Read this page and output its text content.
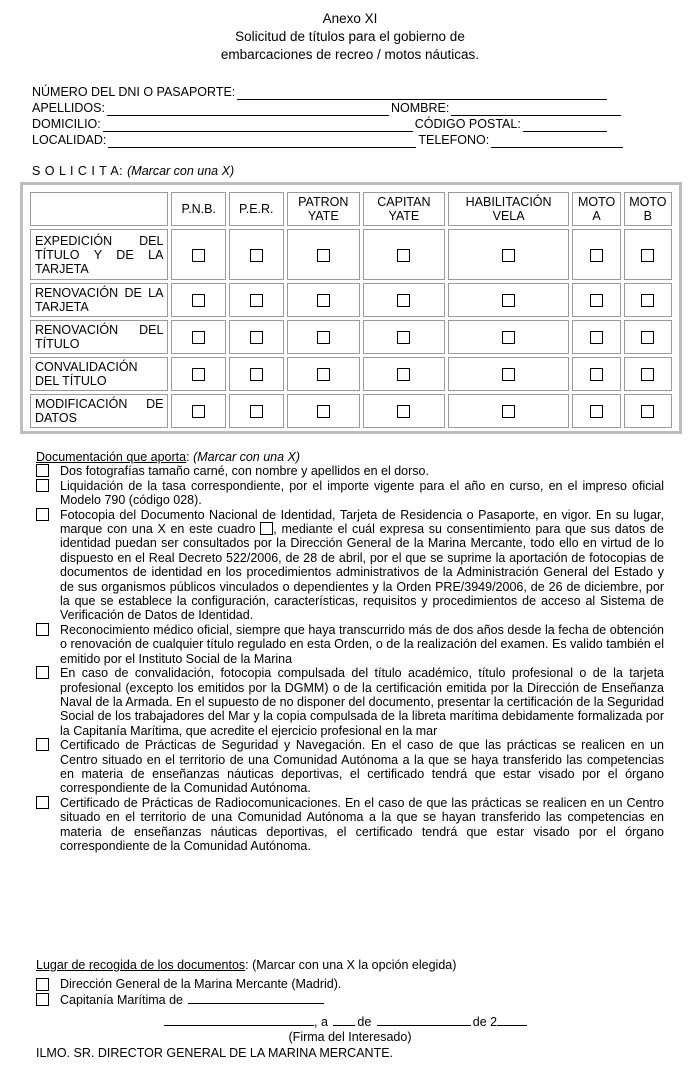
Anexo XI
Solicitud de títulos para el gobierno de
embarcaciones de recreo / motos náuticas.
NÚMERO DEL DNI O PASAPORTE:
APELLIDOS:	NOMBRE:
DOMICILIO:	CÓDIGO POSTAL:
LOCALIDAD:	TELEFONO:
S O L I C I T A: (Marcar con una X)
	P.N.B.	P.E.R.	PATRON YATE	CAPITAN YATE	HABILITACIÓN VELA	MOTO A	MOTO B
EXPEDICIÓN DEL TÍTULO Y DE LA TARJETA							
RENOVACIÓN DE LA TARJETA							
RENOVACIÓN DEL TÍTULO							
CONVALIDACIÓN DEL TÍTULO							
MODIFICACIÓN DE DATOS							
Documentación que aporta: (Marcar con una X)
Dos fotografías tamaño carné, con nombre y apellidos en el dorso.
Liquidación de la tasa correspondiente, por el importe vigente para el año en curso, en el impreso oficial Modelo 790 (código 028).
Fotocopia del Documento Nacional de Identidad, Tarjeta de Residencia o Pasaporte, en vigor. En su lugar, marque con una X en este cuadro , mediante el cuál expresa su consentimiento para que sus datos de identidad puedan ser consultados por la Dirección General de la Marina Mercante, todo ello en virtud de lo dispuesto en el Real Decreto 522/2006, de 28 de abril, por el que se suprime la aportación de fotocopias de documentos de identidad en los procedimientos administrativos de la Administración General del Estado y de sus organismos públicos vinculados o dependientes y la Orden PRE/3949/2006, de 26 de diciembre, por la que se establece la configuración, características, requisitos y procedimientos de acceso al Sistema de Verificación de Datos de Identidad.
Reconocimiento médico oficial, siempre que haya transcurrido más de dos años desde la fecha de obtención o renovación de cualquier título regulado en esta Orden, o de la realización del examen. Es valido también el emitido por el Instituto Social de la Marina
En caso de convalidación, fotocopia compulsada del título académico, título profesional o de la tarjeta profesional (excepto los emitidos por la DGMM) o de la certificación emitida por la Dirección de Enseñanza Naval de la Armada. En el supuesto de no disponer del documento, presentar la certificación de la Seguridad Social de los trabajadores del Mar y la copia compulsada de la libreta marítima debidamente formalizada por la Capitanía Marítima, que acredite el ejercicio profesional en la mar
Certificado de Prácticas de Seguridad y Navegación. En el caso de que las prácticas se realicen en un Centro situado en el territorio de una Comunidad Autónoma a la que se haya transferido las competencias en materia de enseñanzas náuticas deportivas, el certificado tendrá que estar visado por el órgano correspondiente de la Comunidad Autónoma.
Certificado de Prácticas de Radiocomunicaciones. En el caso de que las prácticas se realicen en un Centro situado en el territorio de una Comunidad Autónoma a la que se hayan transferido las competencias en materia de enseñanzas náuticas deportivas, el certificado tendrá que estar visado por el órgano correspondiente de la Comunidad Autónoma.
Lugar de recogida de los documentos: (Marcar con una X la opción elegida)
Dirección General de la Marina Mercante (Madrid).
Capitanía Marítima de
, a de	de 2
(Firma del Interesado)
ILMO. SR. DIRECTOR GENERAL DE LA MARINA MERCANTE.
